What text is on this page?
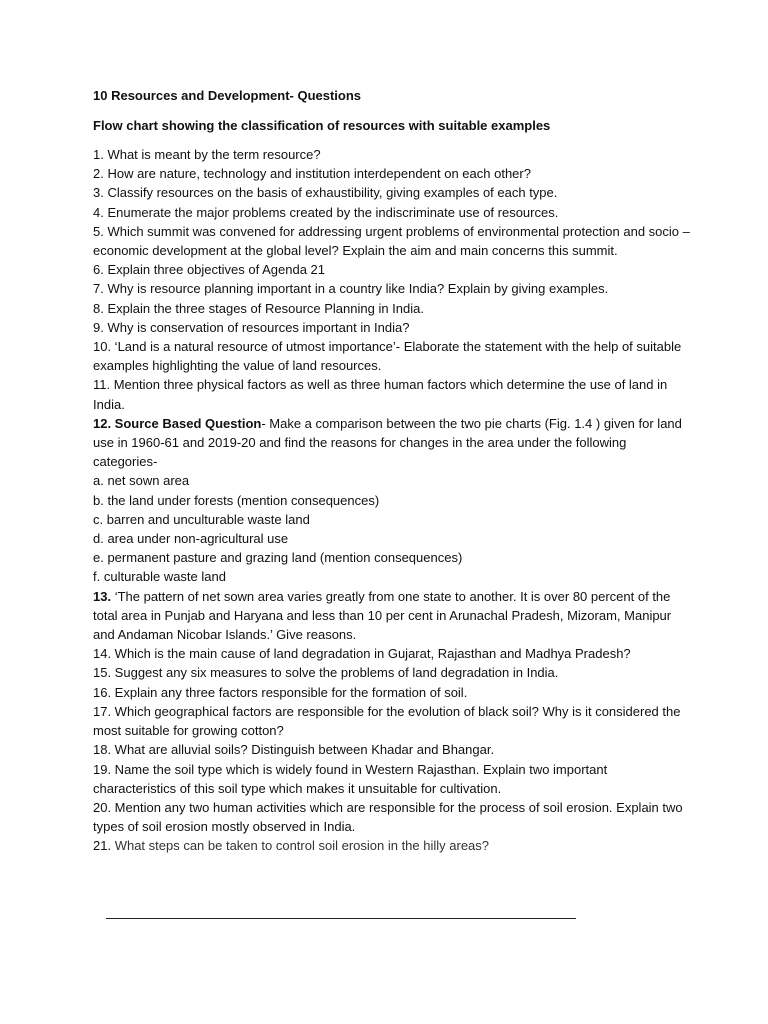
10 Resources and Development- Questions

Flow chart showing the classification of resources with suitable examples

1. What is meant by the term resource?

2. How are nature, technology and institution interdependent on each other?

3. Classify resources on the basis of exhaustibility, giving examples of each type.

4. Enumerate the major problems created by the indiscriminate use of resources.

5. Which summit was convened for addressing urgent problems of environmental protection and socio – economic development at the global level? Explain the aim and main concerns this summit.

6. Explain three objectives of Agenda 21

7. Why is resource planning important in a country like India? Explain by giving examples.

8. Explain the three stages of Resource Planning in India.

9. Why is conservation of resources important in India?

10. ‘Land is a natural resource of utmost importance’- Elaborate the statement with the help of suitable examples highlighting the value of land resources.

11. Mention three physical factors as well as three human factors which determine the use of land in India.

12. Source Based Question- Make a comparison between the two pie charts (Fig. 1.4 ) given for land use in 1960-61 and 2019-20 and find the reasons for changes in the area under the following categories-

a. net sown area

b. the land under forests (mention consequences)

c. barren and unculturable waste land

d. area under non-agricultural use

e. permanent pasture and grazing land (mention consequences)

f. culturable waste land

13. ‘The pattern of net sown area varies greatly from one state to another. It is over 80 percent of the total area in Punjab and Haryana and less than 10 per cent in Arunachal Pradesh, Mizoram, Manipur and Andaman Nicobar Islands.’ Give reasons.

14. Which is the main cause of land degradation in Gujarat, Rajasthan and Madhya Pradesh?

15. Suggest any six measures to solve the problems of land degradation in India.

16. Explain any three factors responsible for the formation of soil.

17. Which geographical factors are responsible for the evolution of black soil? Why is it considered the most suitable for growing cotton?

18. What are alluvial soils? Distinguish between Khadar and Bhangar.

19. Name the soil type which is widely found in Western Rajasthan. Explain two important characteristics of this soil type which makes it unsuitable for cultivation.

20. Mention any two human activities which are responsible for the process of soil erosion. Explain two types of soil erosion mostly observed in India.

21. What steps can be taken to control soil erosion in the hilly areas?
